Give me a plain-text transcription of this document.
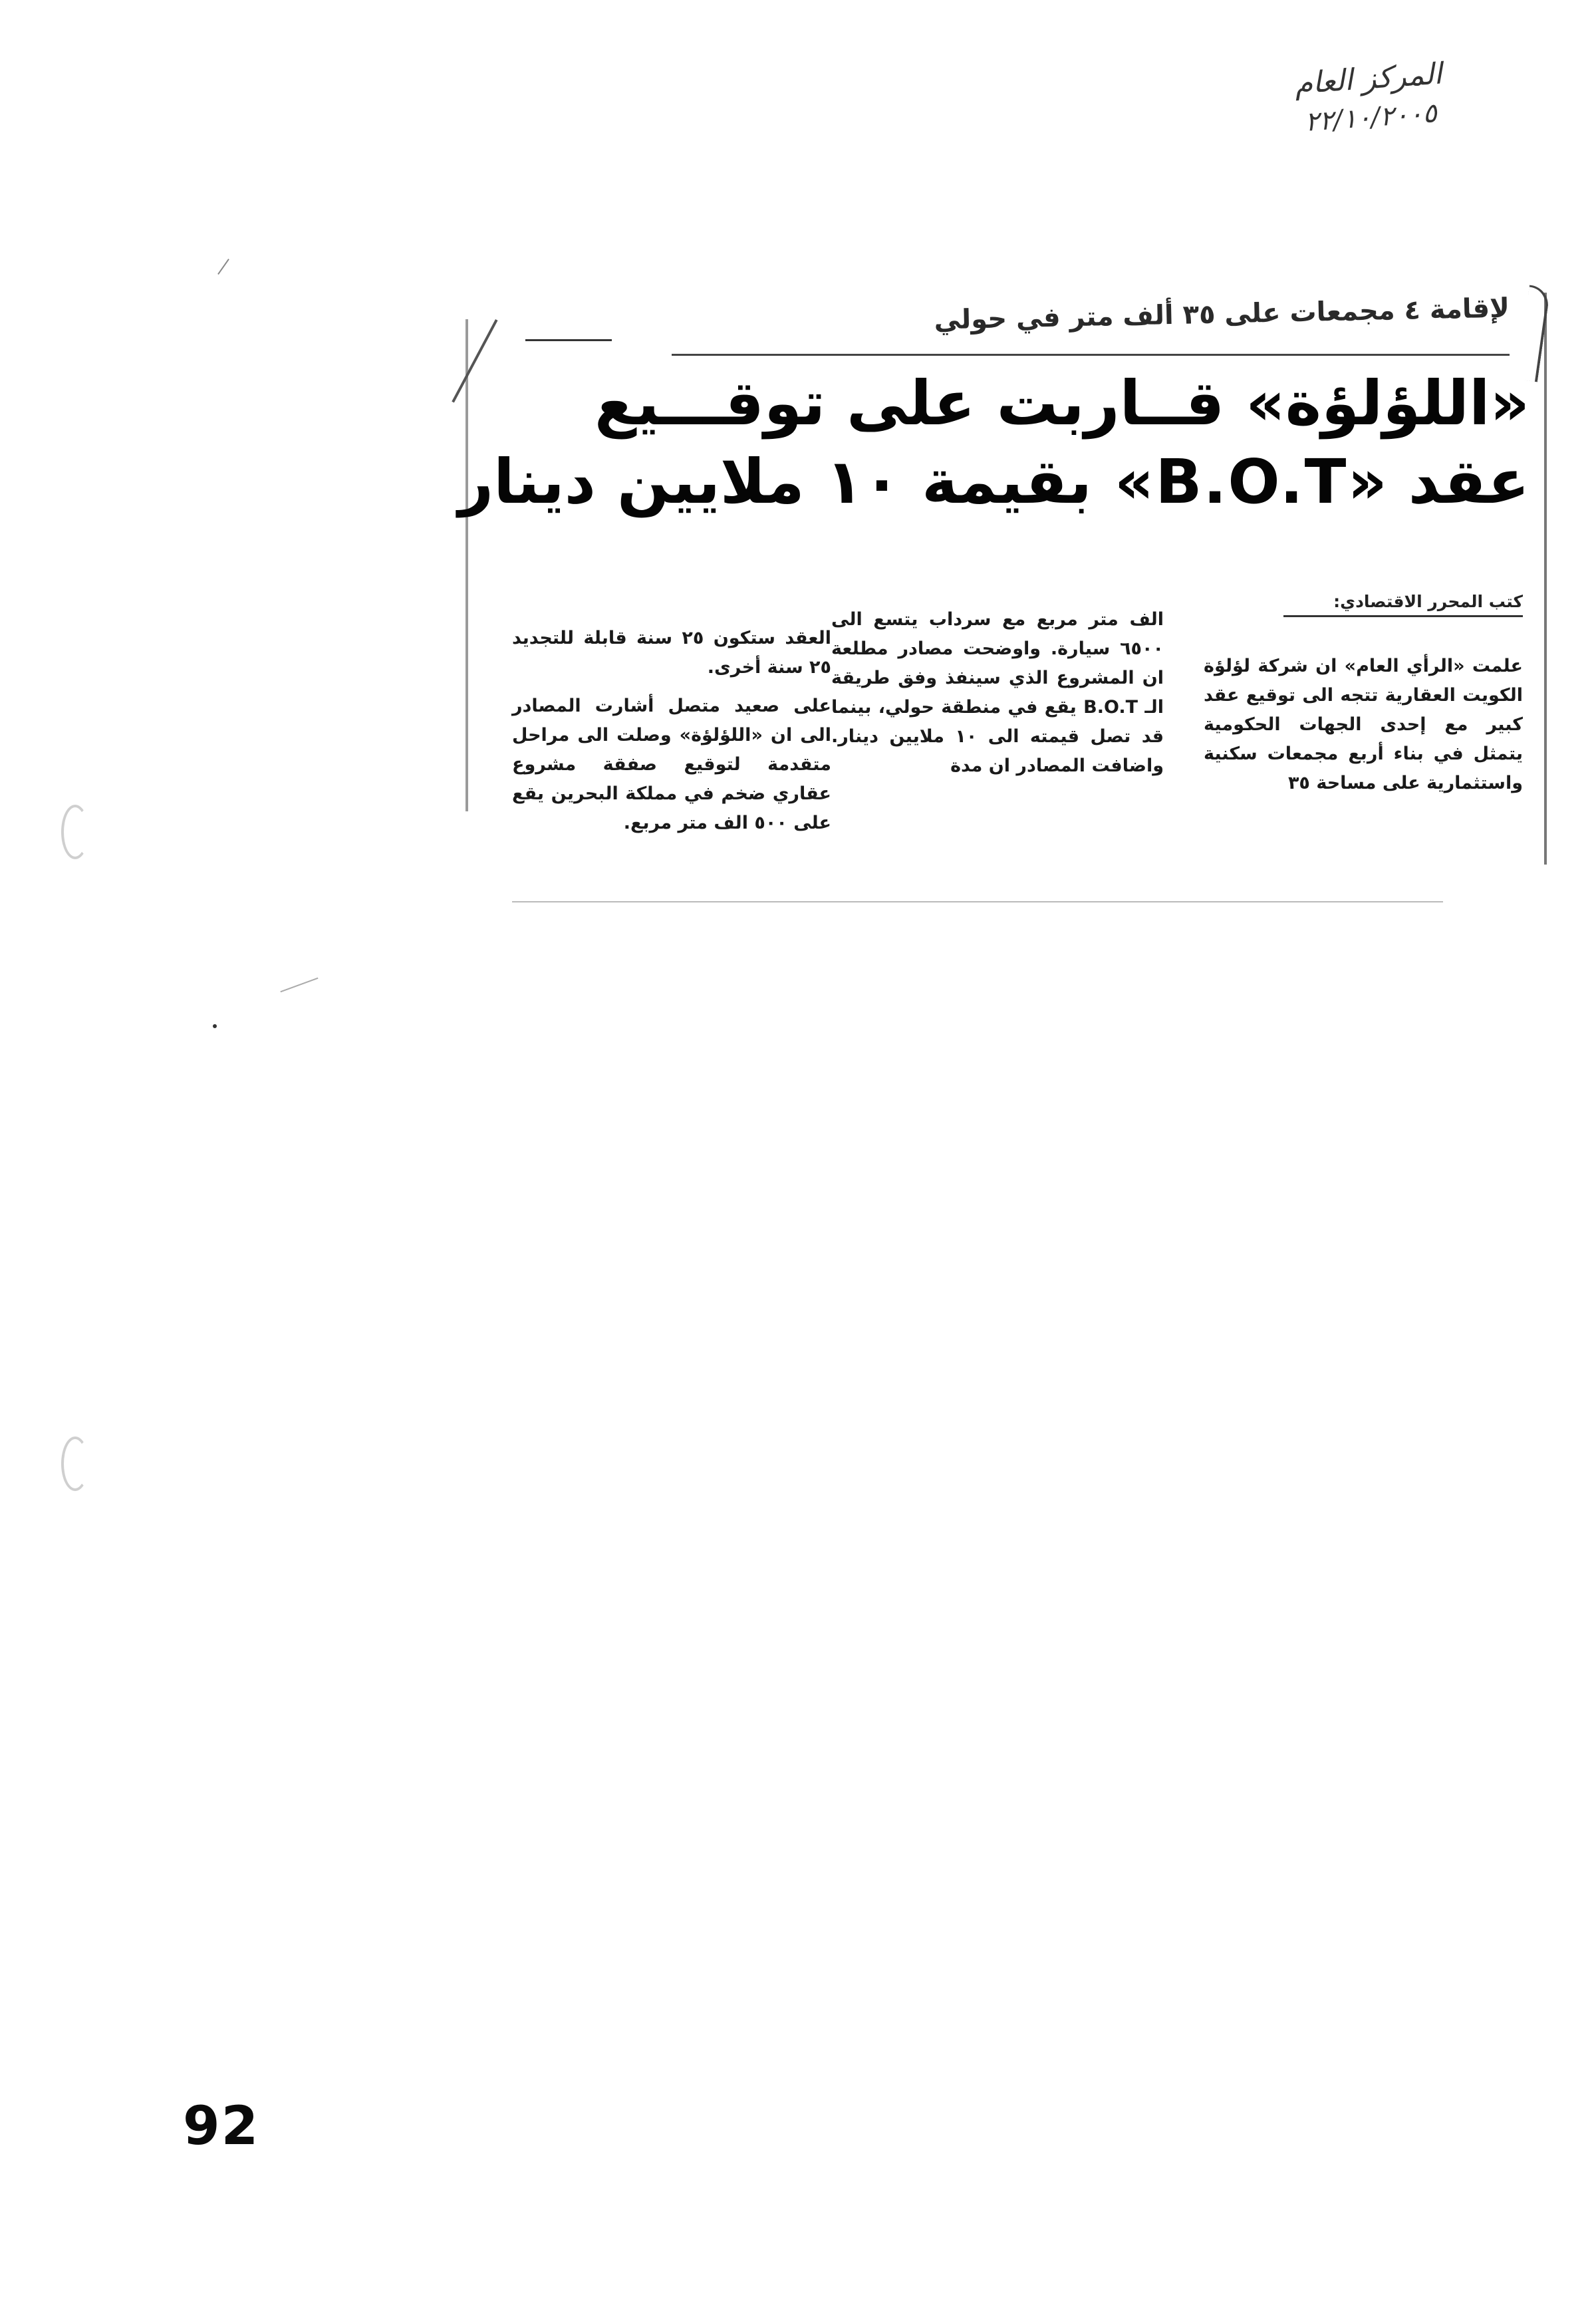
المركز العام
٢٢/١٠/٢٠٠٥
لإقامة ٤ مجمعات على ٣٥ ألف متر في حولي
«اللؤلؤة» قــاربت على توقـــيع
عقد «B.O.T» بقيمة ١٠ ملايين دينار
كتب المحرر الاقتصادي:
علمت «الرأي العام» ان شركة لؤلؤة الكويت العقارية تتجه الى توقيع عقد كبير مع إحدى الجهات الحكومية يتمثل في بناء أربع مجمعات سكنية واستثمارية على مساحة ٣٥
الف متر مربع مع سرداب يتسع الى ٦٥٠٠ سيارة. واوضحت مصادر مطلعة ان المشروع الذي سينفذ وفق طريقة الـ B.O.T يقع في منطقة حولي، بينما قد تصل قيمته الى ١٠ ملايين دينار. واضافت المصادر ان مدة
العقد ستكون ٢٥ سنة قابلة للتجديد ٢٥ سنة أخرى.
على صعيد متصل أشارت المصادر الى ان «اللؤلؤة» وصلت الى مراحل متقدمة لتوقيع صفقة مشروع عقاري ضخم في مملكة البحرين يقع على ٥٠٠ الف متر مربع.
92
